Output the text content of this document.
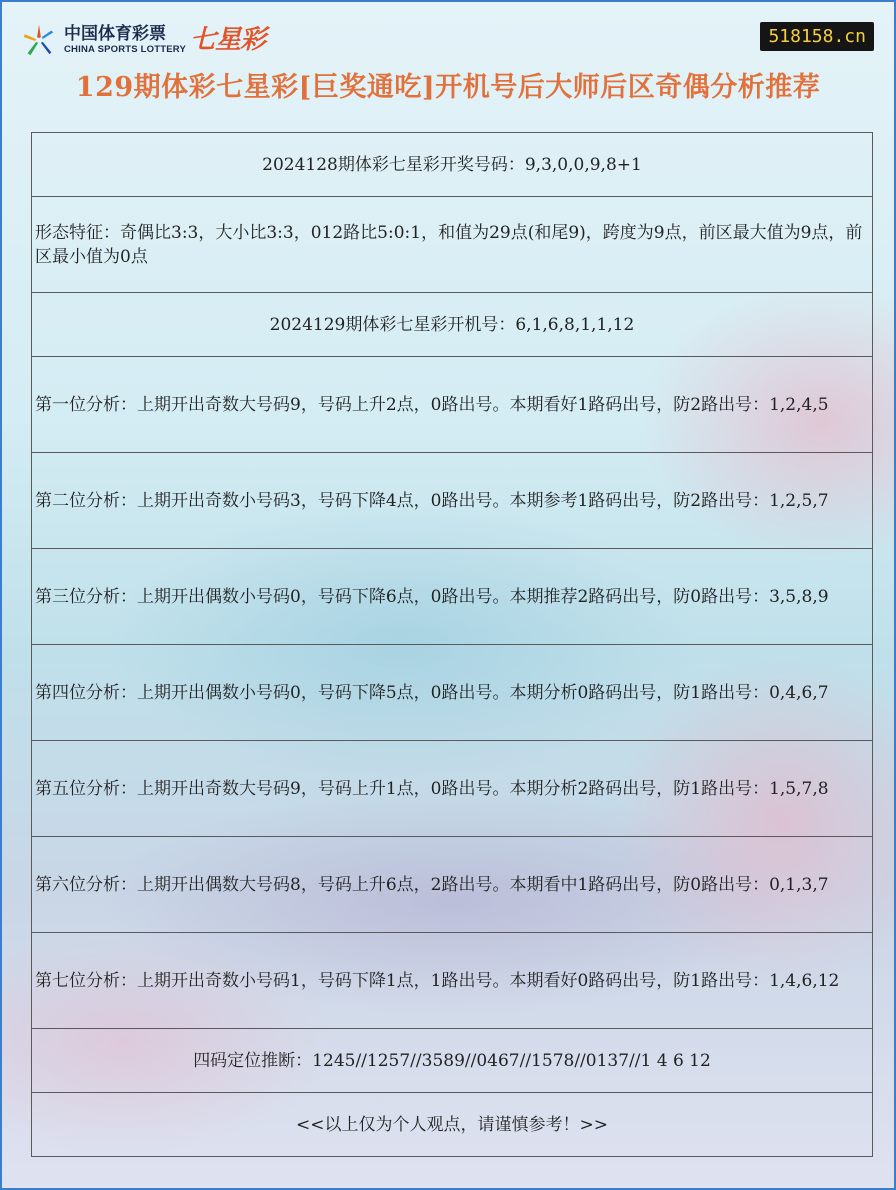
中国体育彩票
CHINA SPORTS LOTTERY 七星彩	518158.cn
129期体彩七星彩[巨奖通吃]开机号后大师后区奇偶分析推荐
2024128期体彩七星彩开奖号码：9,3,0,0,9,8+1
形态特征：奇偶比3:3，大小比3:3，012路比5:0:1，和值为29点(和尾9)，跨度为9点，前区最大值为9点，前区最小值为0点
2024129期体彩七星彩开机号：6,1,6,8,1,1,12
第一位分析：上期开出奇数大号码9，号码上升2点，0路出号。本期看好1路码出号，防2路出号：1,2,4,5
第二位分析：上期开出奇数小号码3，号码下降4点，0路出号。本期参考1路码出号，防2路出号：1,2,5,7
第三位分析：上期开出偶数小号码0，号码下降6点，0路出号。本期推荐2路码出号，防0路出号：3,5,8,9
第四位分析：上期开出偶数小号码0，号码下降5点，0路出号。本期分析0路码出号，防1路出号：0,4,6,7
第五位分析：上期开出奇数大号码9，号码上升1点，0路出号。本期分析2路码出号，防1路出号：1,5,7,8
第六位分析：上期开出偶数大号码8，号码上升6点，2路出号。本期看中1路码出号，防0路出号：0,1,3,7
第七位分析：上期开出奇数小号码1，号码下降1点，1路出号。本期看好0路码出号，防1路出号：1,4,6,12
四码定位推断：1245//1257//3589//0467//1578//0137//1 4 6 12
<<以上仅为个人观点，请谨慎参考！>>
